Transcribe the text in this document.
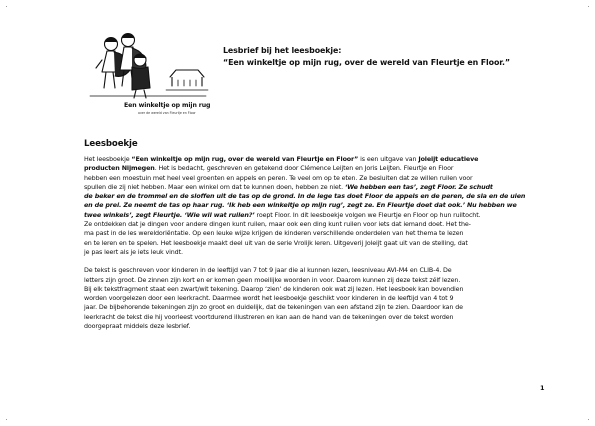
Een winkeltje op mijn rug
over de wereld van Fleurtje en Floor
Lesbrief bij het leesboekje:
“Een winkeltje op mijn rug, over de wereld van Fleurtje en Floor.”
Leesboekje

Het leesboekje “Een winkeltje op mijn rug, over de wereld van Fleurtje en Floor” is een uitgave van Joleijt educatieve
producten Nijmegen. Het is bedacht, geschreven en getekend door Clémence Leijten en Joris Leijten. Fleurtje en Floor
hebben een moestuin met heel veel groenten en appels en peren. Te veel om op te eten. Ze besluiten dat ze willen ruilen voor
spullen die zij niet hebben. Maar een winkel om dat te kunnen doen, hebben ze niet. ‘We hebben een tas’, zegt Floor. Ze schudt
de beker en de trommel en de sloffen uit de tas op de grond. In de lege tas doet Floor de appels en de peren, de sla en de uien
en de prei. Ze neemt de tas op haar rug. ‘Ik heb een winkeltje op mijn rug’, zegt ze. En Fleurtje doet dat ook.’ Nu hebben we
twee winkels’, zegt Fleurtje. ‘Wie wil wat ruilen?’ roept Floor. In dit leesboekje volgen we Fleurtje en Floor op hun ruiltocht.
Ze ontdekken dat je dingen voor andere dingen kunt ruilen, maar ook een ding kunt ruilen voor iets dat iemand doet. Het the-
ma past in de les wereldoriëntatie. Op een leuke wijze krijgen de kinderen verschillende onderdelen van het thema te lezen
en te leren en te spelen. Het leesboekje maakt deel uit van de serie Vrolijk leren. Uitgeverij Joleijt gaat uit van de stelling, dat
je pas leert als je iets leuk vindt.

De tekst is geschreven voor kinderen in de leeftijd van 7 tot 9 jaar die al kunnen lezen, leesniveau AVI-M4 en CLIB-4. De
letters zijn groot. De zinnen zijn kort en er komen geen moeilijke woorden in voor. Daarom kunnen zij deze tekst zélf lezen.
Bij elk tekstfragment staat een zwart/wit tekening. Daarop ‘zien’ de kinderen ook wat zij lezen. Het leesboek kan bovendien
worden voorgelezen door een leerkracht. Daarmee wordt het leesboekje geschikt voor kinderen in de leeftijd van 4 tot 9
jaar. De bijbehorende tekeningen zijn zo groot en duidelijk, dat de tekeningen van een afstand zijn te zien. Daardoor kan de
leerkracht de tekst die hij voorleest voortdurend illustreren en kan aan de hand van de tekeningen over de tekst worden
doorgepraat middels deze lesbrief.

1
